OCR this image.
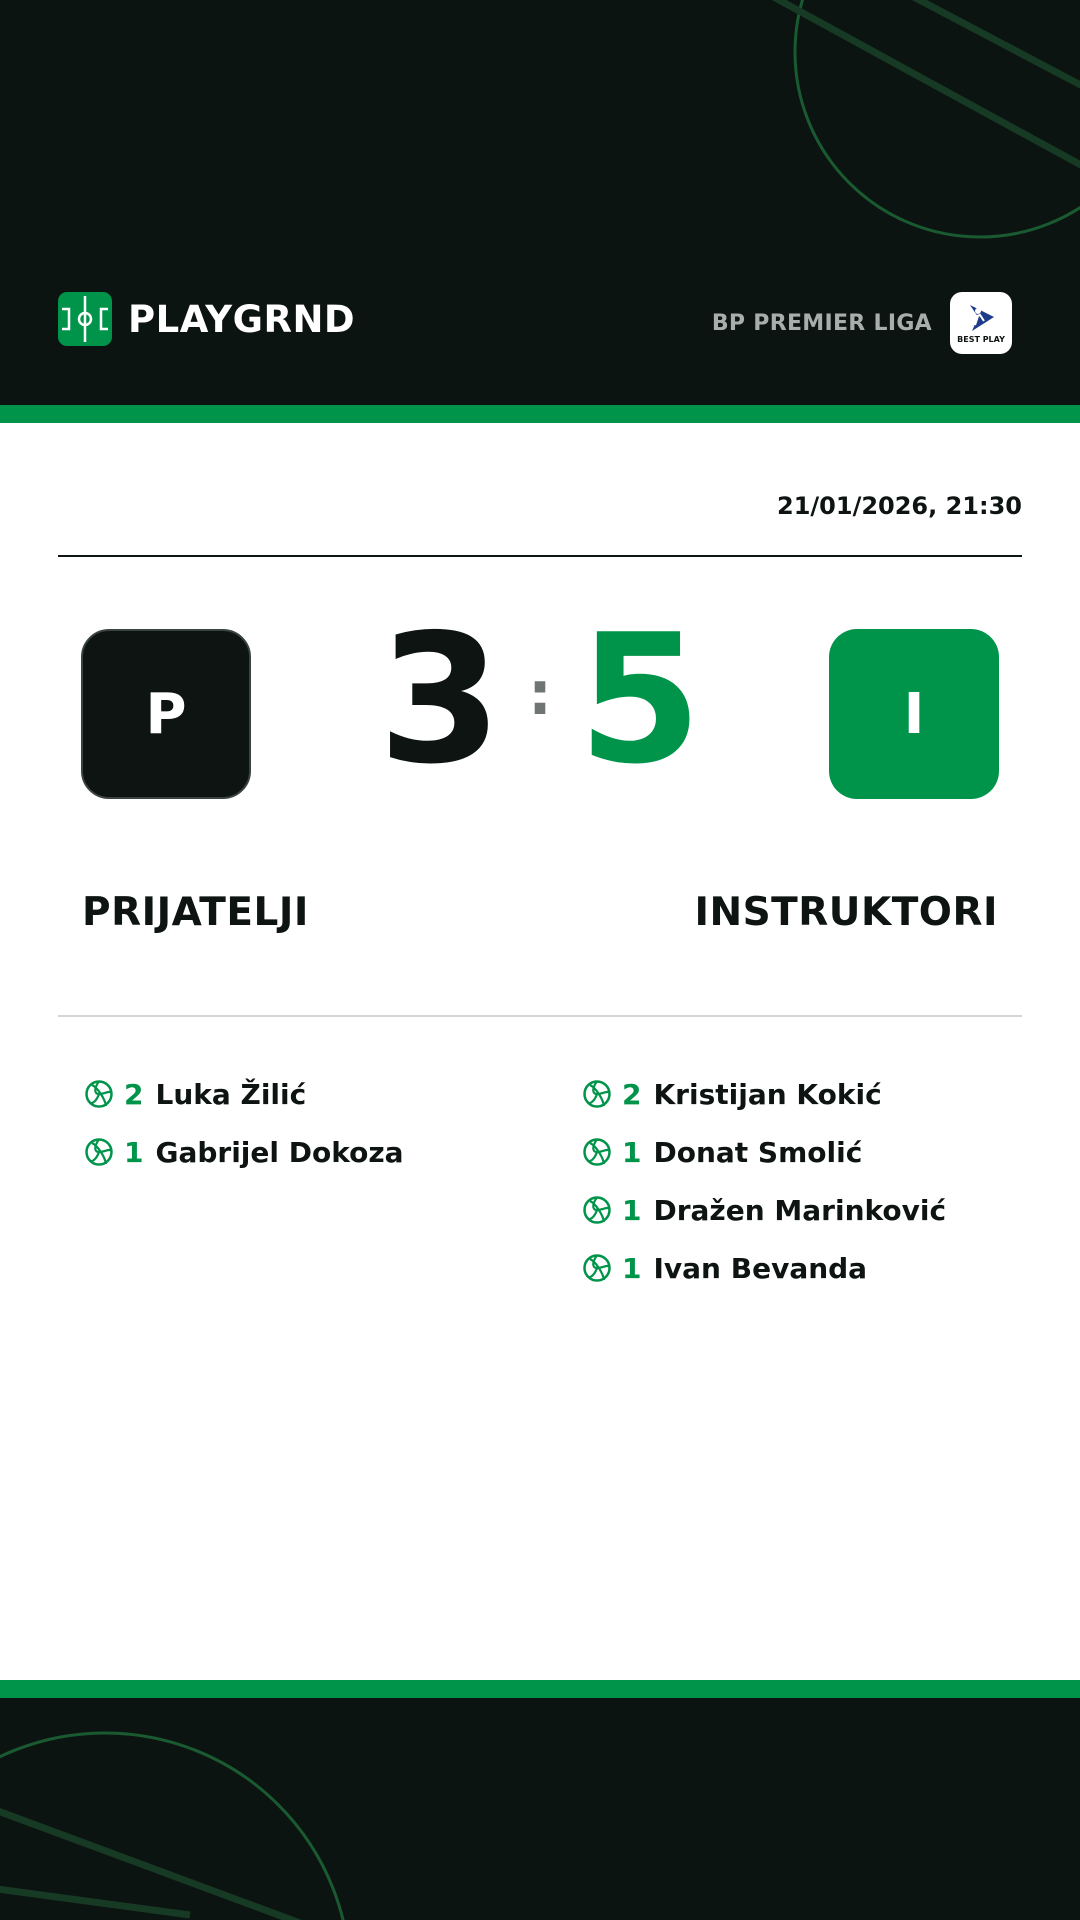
PLAYGRND	BP PREMIER LIGA
BEST PLAY
21/01/2026, 21:30
P	3 : 5	I
PRIJATELJI	INSTRUKTORI
2 Luka Žilić
1 Gabrijel Dokoza
2 Kristijan Kokić
1 Donat Smolić
1 Dražen Marinković
1 Ivan Bevanda
